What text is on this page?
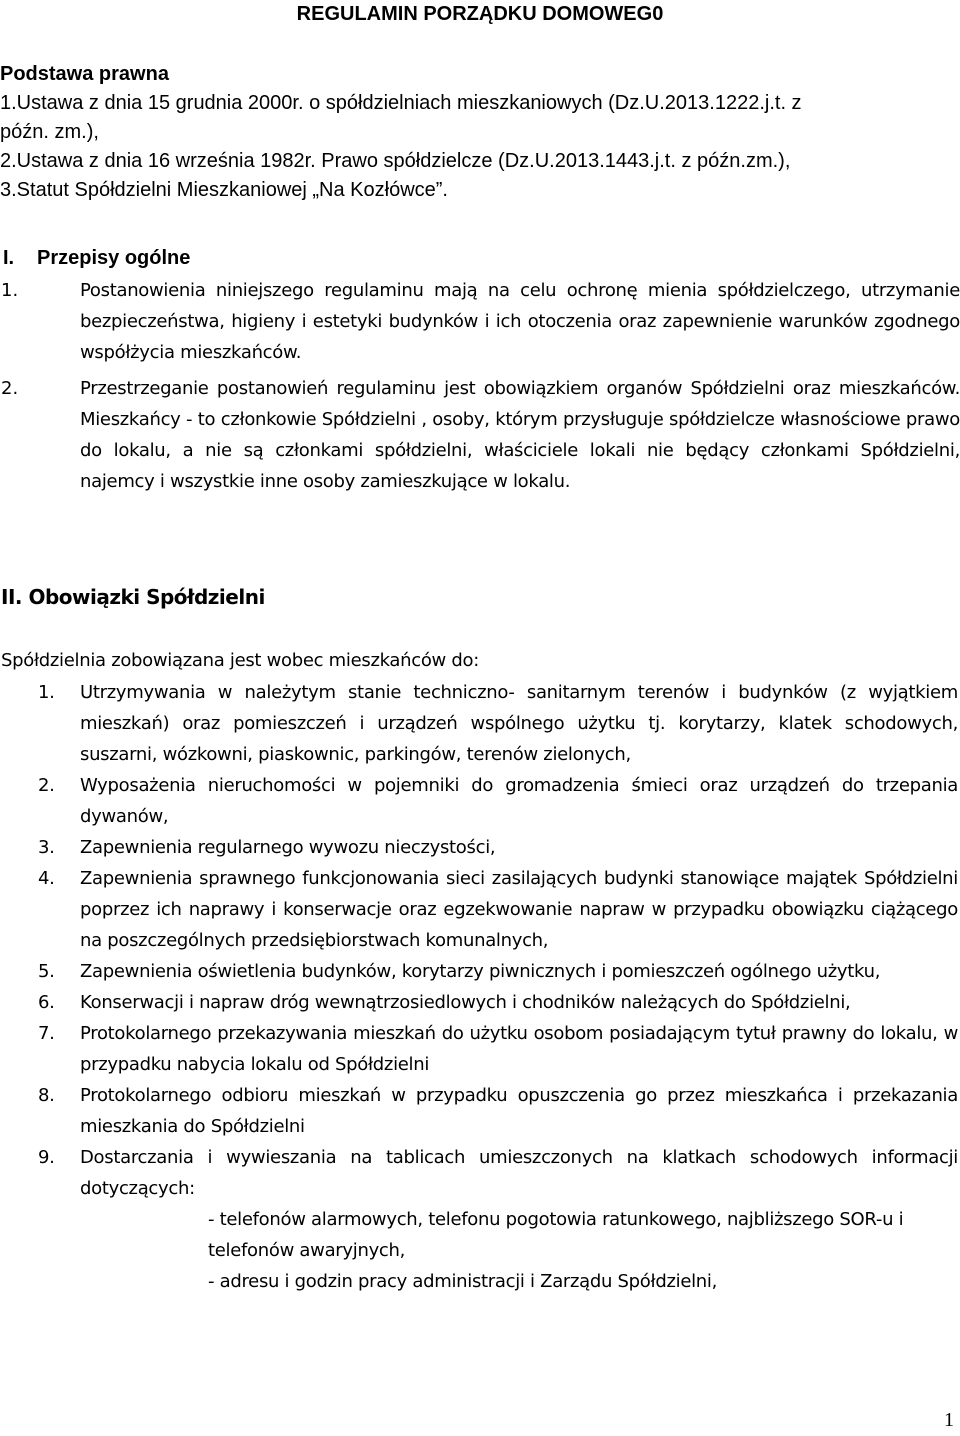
REGULAMIN PORZĄDKU DOMOWEG0
Podstawa prawna
1.Ustawa z dnia 15 grudnia 2000r. o spółdzielniach mieszkaniowych (Dz.U.2013.1222.j.t. z
późn. zm.),
2.Ustawa z dnia 16 września 1982r. Prawo spółdzielcze (Dz.U.2013.1443.j.t. z późn.zm.),
3.Statut Spółdzielni Mieszkaniowej „Na Kozłówce”.
I. Przepisy ogólne
1.	Postanowienia niniejszego regulaminu mają na celu ochronę mienia spółdzielczego, utrzymanie bezpieczeństwa, higieny i estetyki budynków i ich otoczenia oraz zapewnienie warunków zgodnego współżycia mieszkańców.
2.	Przestrzeganie postanowień regulaminu jest obowiązkiem organów Spółdzielni oraz mieszkańców. Mieszkańcy - to członkowie Spółdzielni , osoby, którym przysługuje spółdzielcze własnościowe prawo do lokalu, a nie są członkami spółdzielni, właściciele lokali nie będący członkami Spółdzielni, najemcy i wszystkie inne osoby zamieszkujące w lokalu.
II. Obowiązki Spółdzielni
Spółdzielnia zobowiązana jest wobec mieszkańców do:
1. Utrzymywania w należytym stanie techniczno- sanitarnym terenów i budynków (z wyjątkiem mieszkań) oraz pomieszczeń i urządzeń wspólnego użytku tj. korytarzy, klatek schodowych, suszarni, wózkowni, piaskownic, parkingów, terenów zielonych,
2. Wyposażenia nieruchomości w pojemniki do gromadzenia śmieci oraz urządzeń do trzepania dywanów,
3. Zapewnienia regularnego wywozu nieczystości,
4. Zapewnienia sprawnego funkcjonowania sieci zasilających budynki stanowiące majątek Spółdzielni poprzez ich naprawy i konserwacje oraz egzekwowanie napraw w przypadku obowiązku ciążącego na poszczególnych przedsiębiorstwach komunalnych,
5. Zapewnienia oświetlenia budynków, korytarzy piwnicznych i pomieszczeń ogólnego użytku,
6. Konserwacji i napraw dróg wewnątrzosiedlowych i chodników należących do Spółdzielni,
7. Protokolarnego przekazywania mieszkań do użytku osobom posiadającym tytuł prawny do lokalu, w przypadku nabycia lokalu od Spółdzielni
8. Protokolarnego odbioru mieszkań w przypadku opuszczenia go przez mieszkańca i przekazania mieszkania do Spółdzielni
9. Dostarczania i wywieszania na tablicach umieszczonych na klatkach schodowych informacji dotyczących:
- telefonów alarmowych, telefonu pogotowia ratunkowego, najbliższego SOR-u i telefonów awaryjnych,
- adresu i godzin pracy administracji i Zarządu Spółdzielni,
1
